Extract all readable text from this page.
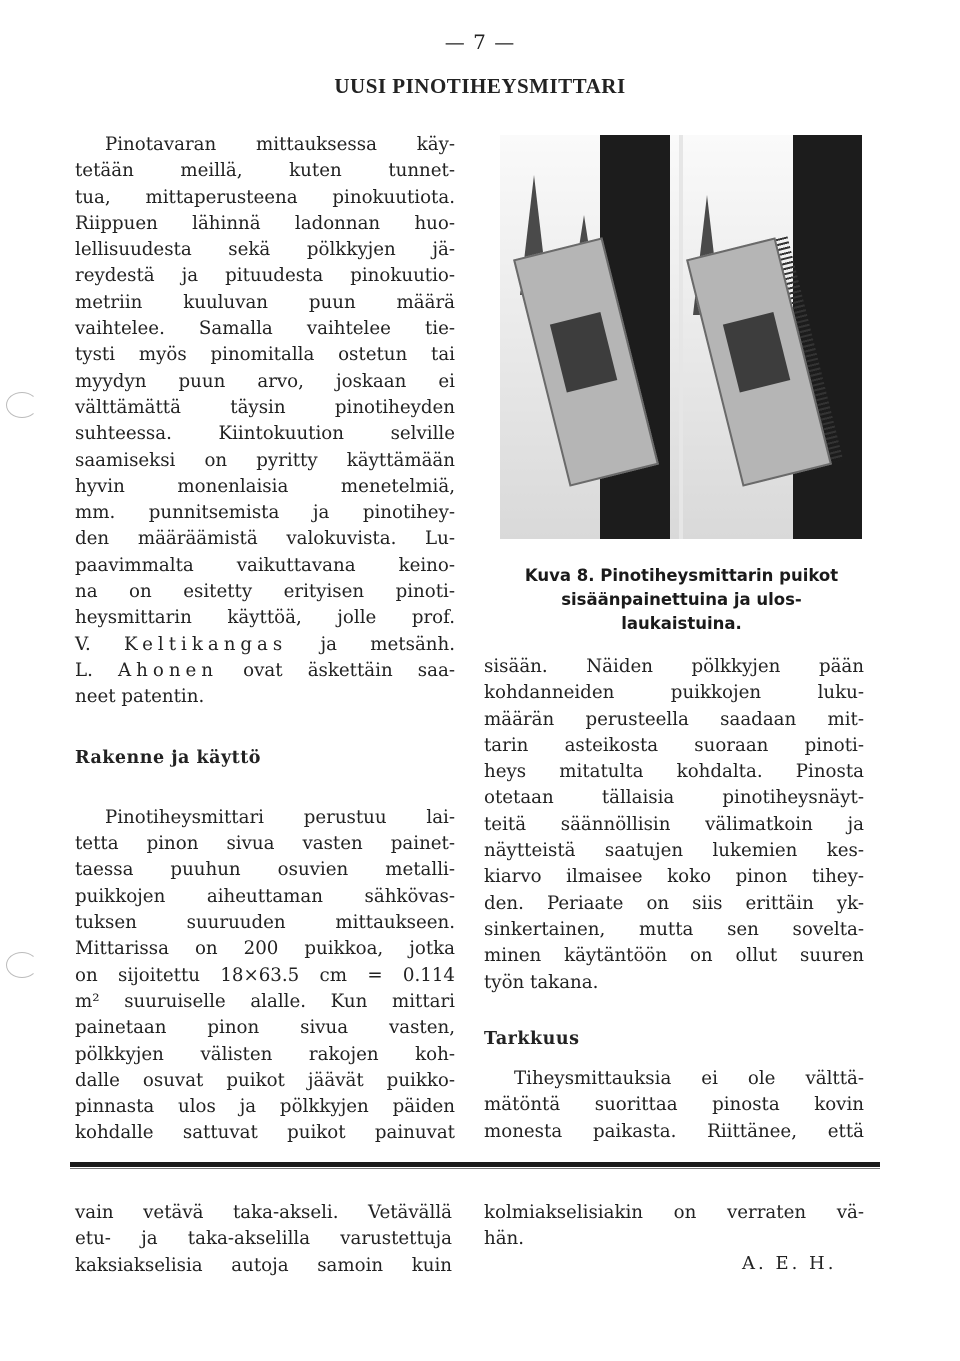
— 7 —
UUSI PINOTIHEYSMITTARI

Pinotavaran mittauksessa käy-

tetään meillä, kuten tunnet-

tua, mittaperusteena pinokuutiota.

Riippuen lähinnä ladonnan huo-

lellisuudesta sekä pölkkyjen jä-

reydestä ja pituudesta pinokuutio-

metriin kuuluvan puun määrä

vaihtelee. Samalla vaihtelee tie-

tysti myös pinomitalla ostetun tai

myydyn puun arvo, joskaan ei

välttämättä täysin pinotiheyden

suhteessa. Kiintokuution selville

saamiseksi on pyritty käyttämään

hyvin monenlaisia menetelmiä,

mm. punnitsemista ja pinotihey-

den määräämistä valokuvista. Lu-

paavimmalta vaikuttavana keino-

na on esitetty erityisen pinoti-

heysmittarin käyttöä, jolle prof.

V. Keltikangas ja metsänh.

L. Ahonen ovat äskettäin saa-

neet patentin.

Rakenne ja käyttö

Pinotiheysmittari perustuu lai-

tetta pinon sivua vasten painet-

taessa puuhun osuvien metalli-

puikkojen aiheuttaman sähkövas-

tuksen suuruuden mittaukseen.

Mittarissa on 200 puikkoa, jotka

on sijoitettu 18×63.5 cm = 0.114

m² suuruiselle alalle. Kun mittari

painetaan pinon sivua vasten,

pölkkyjen välisten rakojen koh-

dalle osuvat puikot jäävät puikko-

pinnasta ulos ja pölkkyjen päiden

kohdalle sattuvat puikot painuvat

Kuva 8. Pinotiheysmittarin puikot

sisäänpainettuina ja ulos-

laukaistuina.

sisään. Näiden pölkkyjen pään

kohdanneiden puikkojen luku-

määrän perusteella saadaan mit-

tarin asteikosta suoraan pinoti-

heys mitatulta kohdalta. Pinosta

otetaan tällaisia pinotiheysnäyt-

teitä säännöllisin välimatkoin ja

näytteistä saatujen lukemien kes-

kiarvo ilmaisee koko pinon tihey-

den. Periaate on siis erittäin yk-

sinkertainen, mutta sen sovelta-

minen käytäntöön on ollut suuren

työn takana.

Tarkkuus

Tiheysmittauksia ei ole välttä-

mätöntä suorittaa pinosta kovin

monesta paikasta. Riittänee, että

vain vetävä taka-akseli. Vetävällä

etu- ja taka-akselilla varustettuja

kaksiakselisia autoja samoin kuin

kolmiakselisiakin on verraten vä-

hän.

A. E. H.
